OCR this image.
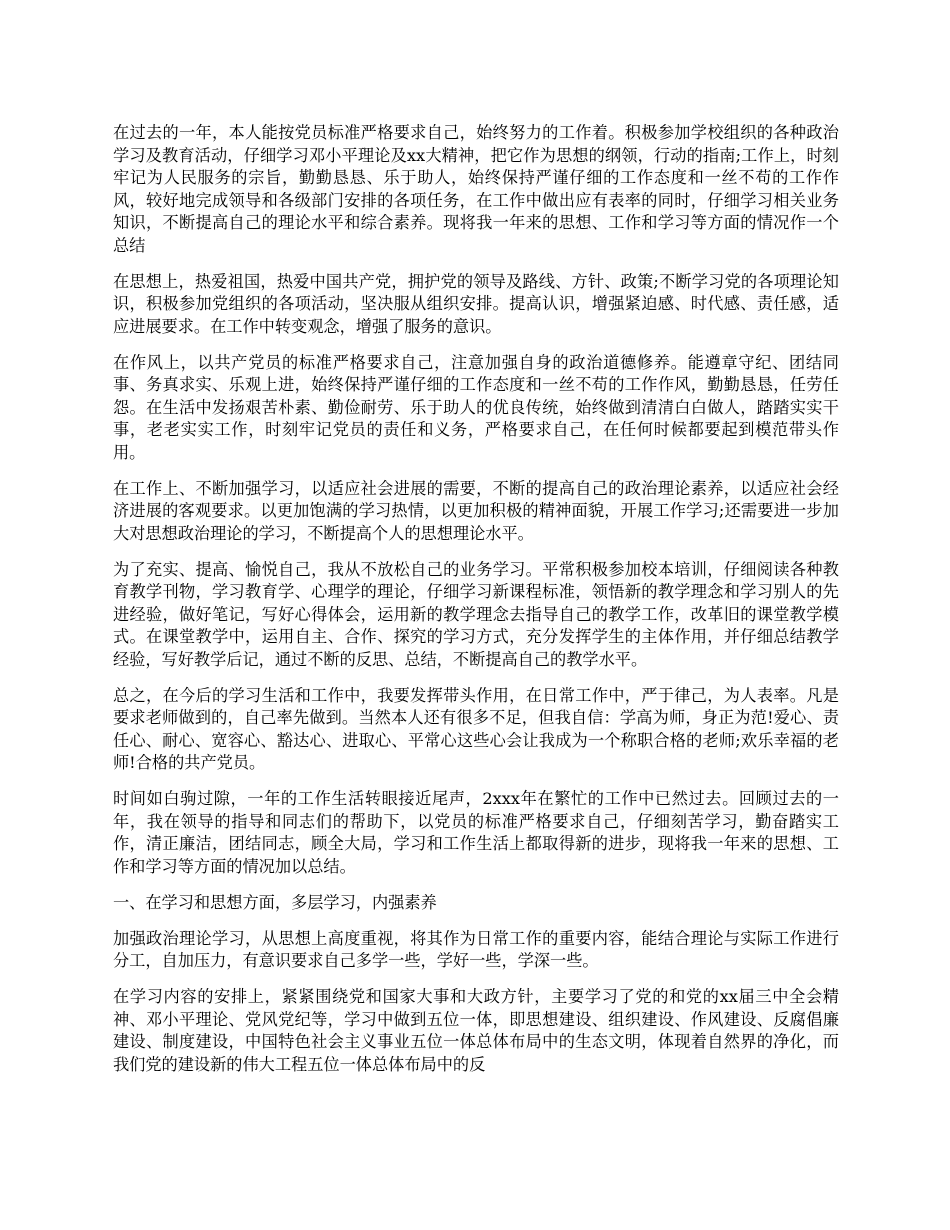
在过去的一年，本人能按党员标准严格要求自己，始终努力的工作着。积极参加学校组织的各种政治学习及教育活动，仔细学习邓小平理论及xx大精神，把它作为思想的纲领，行动的指南;工作上，时刻牢记为人民服务的宗旨，勤勤恳恳、乐于助人，始终保持严谨仔细的工作态度和一丝不苟的工作作风，较好地完成领导和各级部门安排的各项任务，在工作中做出应有表率的同时，仔细学习相关业务知识，不断提高自己的理论水平和综合素养。现将我一年来的思想、工作和学习等方面的情况作一个总结

在思想上，热爱祖国，热爱中国共产党，拥护党的领导及路线、方针、政策;不断学习党的各项理论知识，积极参加党组织的各项活动，坚决服从组织安排。提高认识，增强紧迫感、时代感、责任感，适应进展要求。在工作中转变观念，增强了服务的意识。

在作风上，以共产党员的标准严格要求自己，注意加强自身的政治道德修养。能遵章守纪、团结同事、务真求实、乐观上进，始终保持严谨仔细的工作态度和一丝不苟的工作作风，勤勤恳恳，任劳任怨。在生活中发扬艰苦朴素、勤俭耐劳、乐于助人的优良传统，始终做到清清白白做人，踏踏实实干事，老老实实工作，时刻牢记党员的责任和义务，严格要求自己，在任何时候都要起到模范带头作用。

在工作上、不断加强学习，以适应社会进展的需要，不断的提高自己的政治理论素养，以适应社会经济进展的客观要求。以更加饱满的学习热情，以更加积极的精神面貌，开展工作学习;还需要进一步加大对思想政治理论的学习，不断提高个人的思想理论水平。

为了充实、提高、愉悦自己，我从不放松自己的业务学习。平常积极参加校本培训，仔细阅读各种教育教学刊物，学习教育学、心理学的理论，仔细学习新课程标准，领悟新的教学理念和学习别人的先进经验，做好笔记，写好心得体会，运用新的教学理念去指导自己的教学工作，改革旧的课堂教学模式。在课堂教学中，运用自主、合作、探究的学习方式，充分发挥学生的主体作用，并仔细总结教学经验，写好教学后记，通过不断的反思、总结，不断提高自己的教学水平。

总之，在今后的学习生活和工作中，我要发挥带头作用，在日常工作中，严于律己，为人表率。凡是要求老师做到的，自己率先做到。当然本人还有很多不足，但我自信：学高为师，身正为范!爱心、责任心、耐心、宽容心、豁达心、进取心、平常心这些心会让我成为一个称职合格的老师;欢乐幸福的老师!合格的共产党员。

时间如白驹过隙，一年的工作生活转眼接近尾声，2xxx年在繁忙的工作中已然过去。回顾过去的一年，我在领导的指导和同志们的帮助下，以党员的标准严格要求自己，仔细刻苦学习，勤奋踏实工作，清正廉洁，团结同志，顾全大局，学习和工作生活上都取得新的进步，现将我一年来的思想、工作和学习等方面的情况加以总结。

一、在学习和思想方面，多层学习，内强素养

加强政治理论学习，从思想上高度重视，将其作为日常工作的重要内容，能结合理论与实际工作进行分工，自加压力，有意识要求自己多学一些，学好一些，学深一些。

在学习内容的安排上，紧紧围绕党和国家大事和大政方针，主要学习了党的和党的xx届三中全会精神、邓小平理论、党风党纪等，学习中做到五位一体，即思想建设、组织建设、作风建设、反腐倡廉建设、制度建设，中国特色社会主义事业五位一体总体布局中的生态文明，体现着自然界的净化，而我们党的建设新的伟大工程五位一体总体布局中的反
